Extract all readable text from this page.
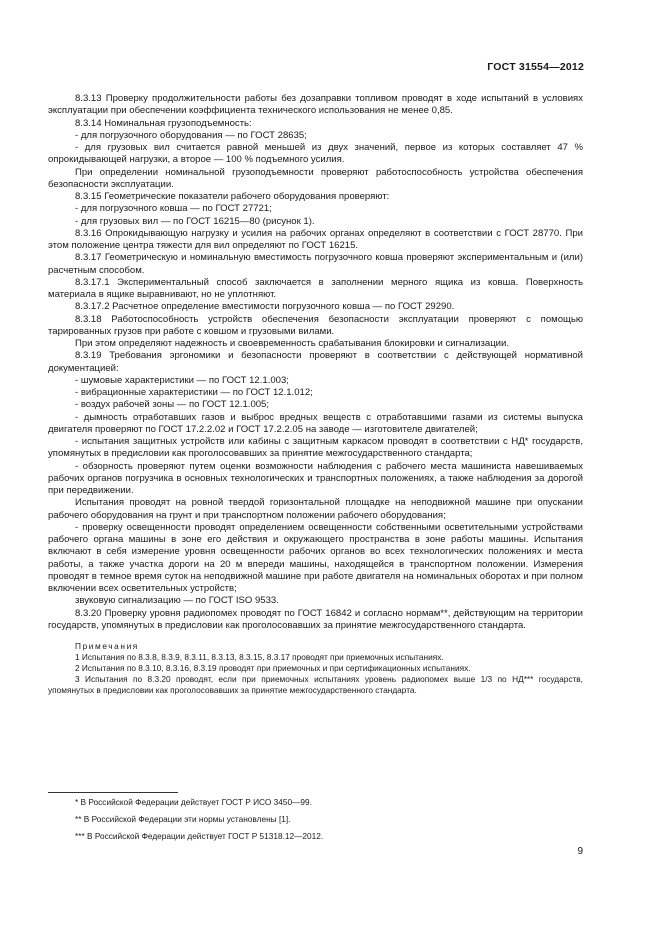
ГОСТ 31554—2012

8.3.13 Проверку продолжительности работы без дозаправки топливом проводят в ходе испытаний в условиях эксплуатации при обеспечении коэффициента технического использования не менее 0,85.

8.3.14 Номинальная грузоподъемность:

- для погрузочного оборудования — по ГОСТ 28635;

- для грузовых вил считается равной меньшей из двух значений, первое из которых составляет 47 % опрокидывающей нагрузки, а второе — 100 % подъемного усилия.

При определении номинальной грузоподъемности проверяют работоспособность устройства обеспечения безопасности эксплуатации.

8.3.15 Геометрические показатели рабочего оборудования проверяют:

- для погрузочного ковша — по ГОСТ 27721;

- для грузовых вил — по ГОСТ 16215—80 (рисунок 1).

8.3.16 Опрокидывающую нагрузку и усилия на рабочих органах определяют в соответствии с ГОСТ 28770. При этом положение центра тяжести для вил определяют по ГОСТ 16215.

8.3.17 Геометрическую и номинальную вместимость погрузочного ковша проверяют экспериментальным и (или) расчетным способом.

8.3.17.1 Экспериментальный способ заключается в заполнении мерного ящика из ковша. Поверхность материала в ящике выравнивают, но не уплотняют.

8.3.17.2 Расчетное определение вместимости погрузочного ковша — по ГОСТ 29290.

8.3.18 Работоспособность устройств обеспечения безопасности эксплуатации проверяют с помощью тарированных грузов при работе с ковшом и грузовыми вилами.

При этом определяют надежность и своевременность срабатывания блокировки и сигнализации.

8.3.19 Требования эргономики и безопасности проверяют в соответствии с действующей нормативной документацией:

- шумовые характеристики — по ГОСТ 12.1.003;

- вибрационные характеристики — по ГОСТ 12.1.012;

- воздух рабочей зоны — по ГОСТ 12.1.005;

- дымность отработавших газов и выброс вредных веществ с отработавшими газами из системы выпуска двигателя проверяют по ГОСТ 17.2.2.02 и ГОСТ 17.2.2.05 на заводе — изготовителе двигателей;

- испытания защитных устройств или кабины с защитным каркасом проводят в соответствии с НД* государств, упомянутых в предисловии как проголосовавших за принятие межгосударственного стандарта;

- обзорность проверяют путем оценки возможности наблюдения с рабочего места машиниста навешиваемых рабочих органов погрузчика в основных технологических и транспортных положениях, а также наблюдения за дорогой при передвижении.

Испытания проводят на ровной твердой горизонтальной площадке на неподвижной машине при опускании рабочего оборудования на грунт и при транспортном положении рабочего оборудования;

- проверку освещенности проводят определением освещенности собственными осветительными устройствами рабочего органа машины в зоне его действия и окружающего пространства в зоне работы машины. Испытания включают в себя измерение уровня освещенности рабочих органов во всех технологических положениях и места работы, а также участка дороги на 20 м впереди машины, находящейся в транспортном положении. Измерения проводят в темное время суток на неподвижной машине при работе двигателя на номинальных оборотах и при полном включении всех осветительных устройств;

звуковую сигнализацию — по ГОСТ ISO 9533.

8.3.20 Проверку уровня радиопомех проводят по ГОСТ 16842 и согласно нормам**, действующим на территории государств, упомянутых в предисловии как проголосовавших за принятие межгосударственного стандарта.

Примечания

1 Испытания по 8.3.8, 8.3.9, 8.3.11, 8.3.13, 8.3.15, 8.3.17 проводят при приемочных испытаниях.

2 Испытания по 8.3.10, 8.3.16, 8.3.19 проводят при приемочных и при сертификационных испытаниях.

3 Испытания по 8.3.20 проводят, если при приемочных испытаниях уровень радиопомех выше 1/3 по НД*** государств, упомянутых в предисловии как проголосовавших за принятие межгосударственного стандарта.

* В Российской Федерации действует ГОСТ Р ИСО 3450—99.

** В Российской Федерации эти нормы установлены [1].

*** В Российской Федерации действует ГОСТ Р 51318.12—2012.

9
